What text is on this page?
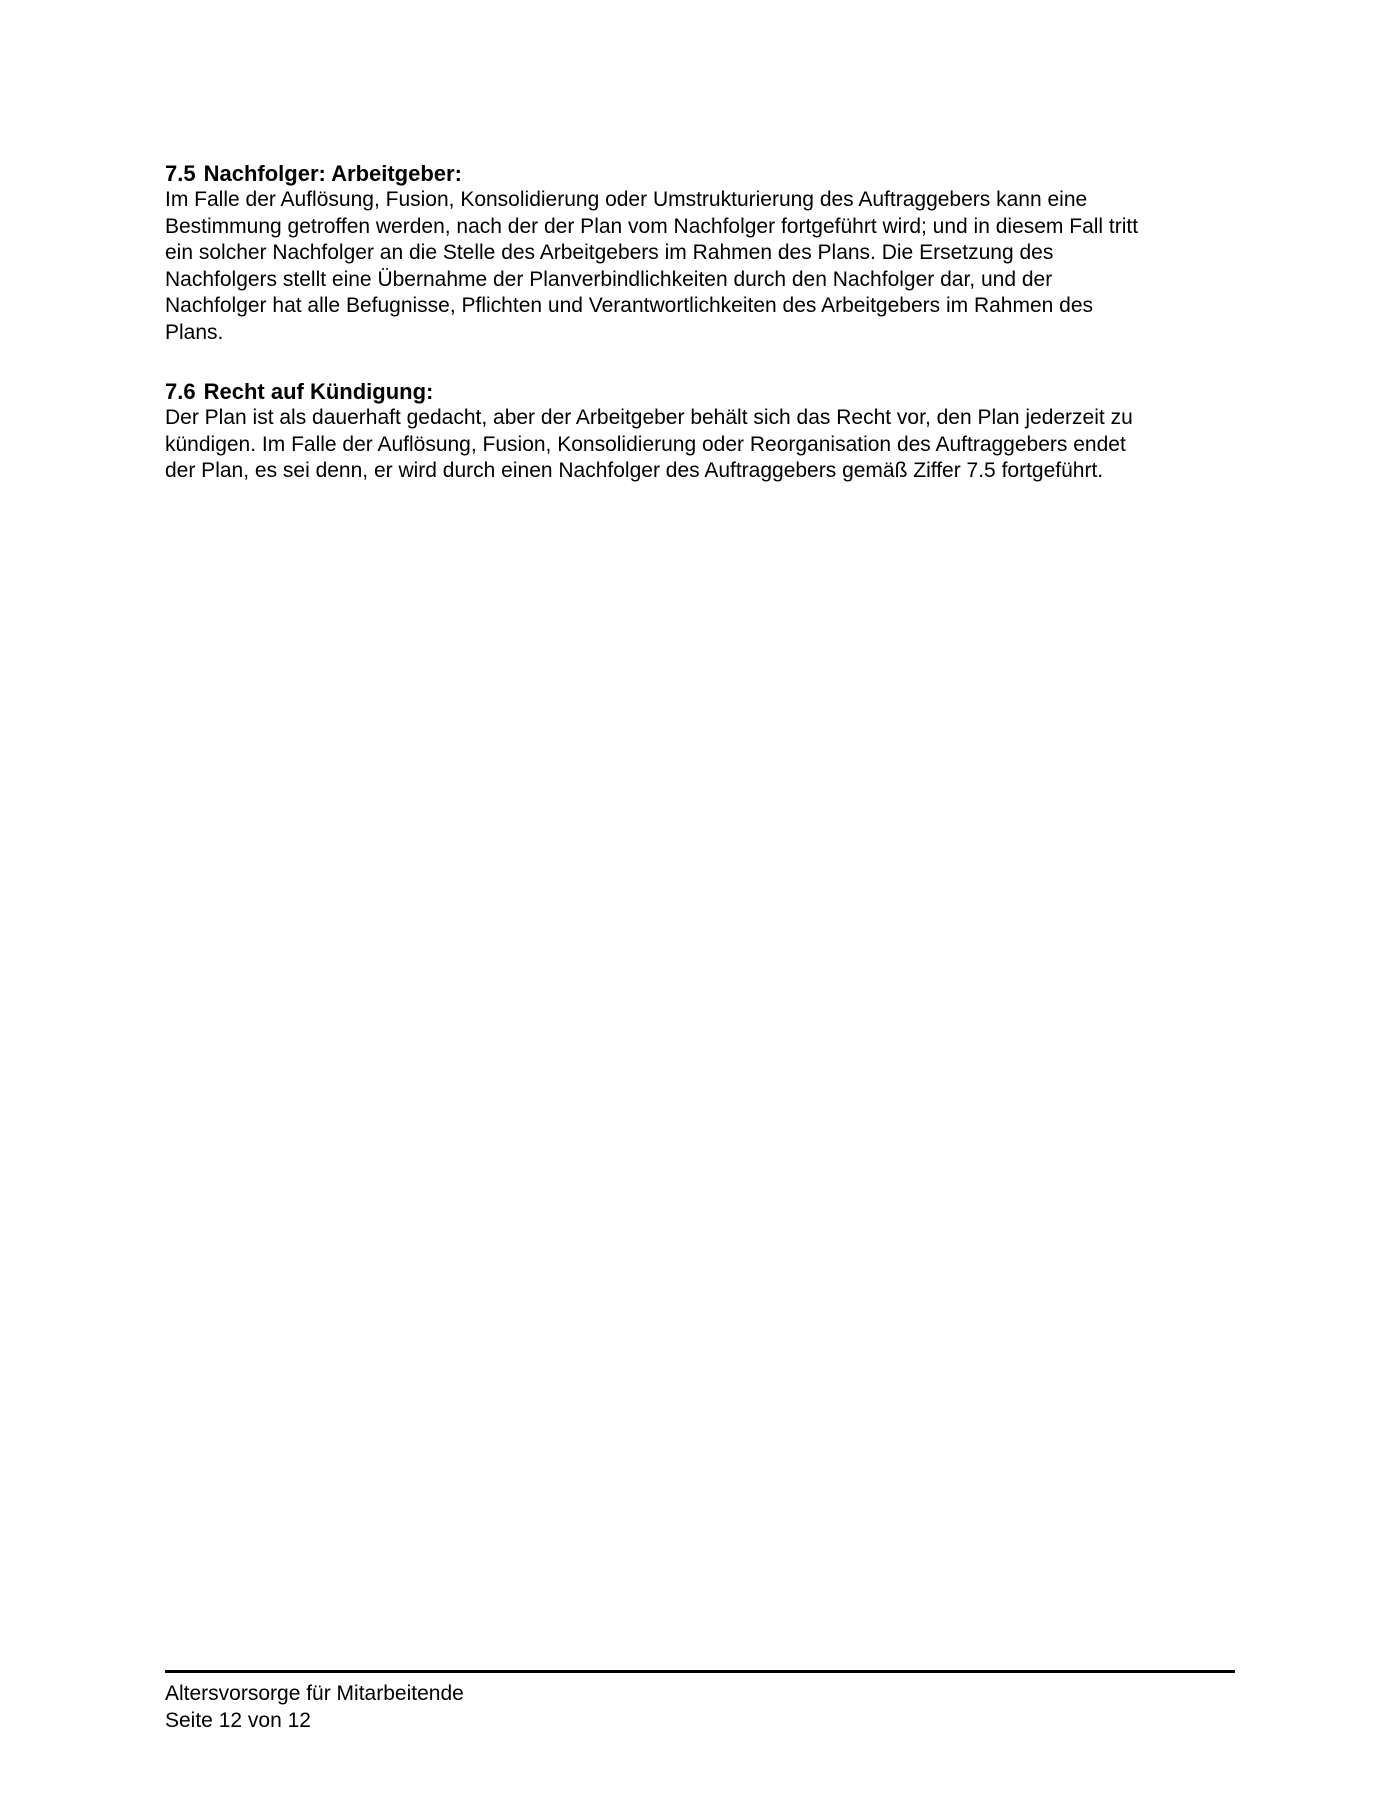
7.5 Nachfolger: Arbeitgeber:

Im Falle der Auflösung, Fusion, Konsolidierung oder Umstrukturierung des Auftraggebers kann eine
Bestimmung getroffen werden, nach der der Plan vom Nachfolger fortgeführt wird; und in diesem Fall tritt
ein solcher Nachfolger an die Stelle des Arbeitgebers im Rahmen des Plans. Die Ersetzung des
Nachfolgers stellt eine Übernahme der Planverbindlichkeiten durch den Nachfolger dar, und der
Nachfolger hat alle Befugnisse, Pflichten und Verantwortlichkeiten des Arbeitgebers im Rahmen des
Plans.

7.6 Recht auf Kündigung:

Der Plan ist als dauerhaft gedacht, aber der Arbeitgeber behält sich das Recht vor, den Plan jederzeit zu
kündigen. Im Falle der Auflösung, Fusion, Konsolidierung oder Reorganisation des Auftraggebers endet
der Plan, es sei denn, er wird durch einen Nachfolger des Auftraggebers gemäß Ziffer 7.5 fortgeführt.

Altersvorsorge für Mitarbeitende

Seite 12 von 12
